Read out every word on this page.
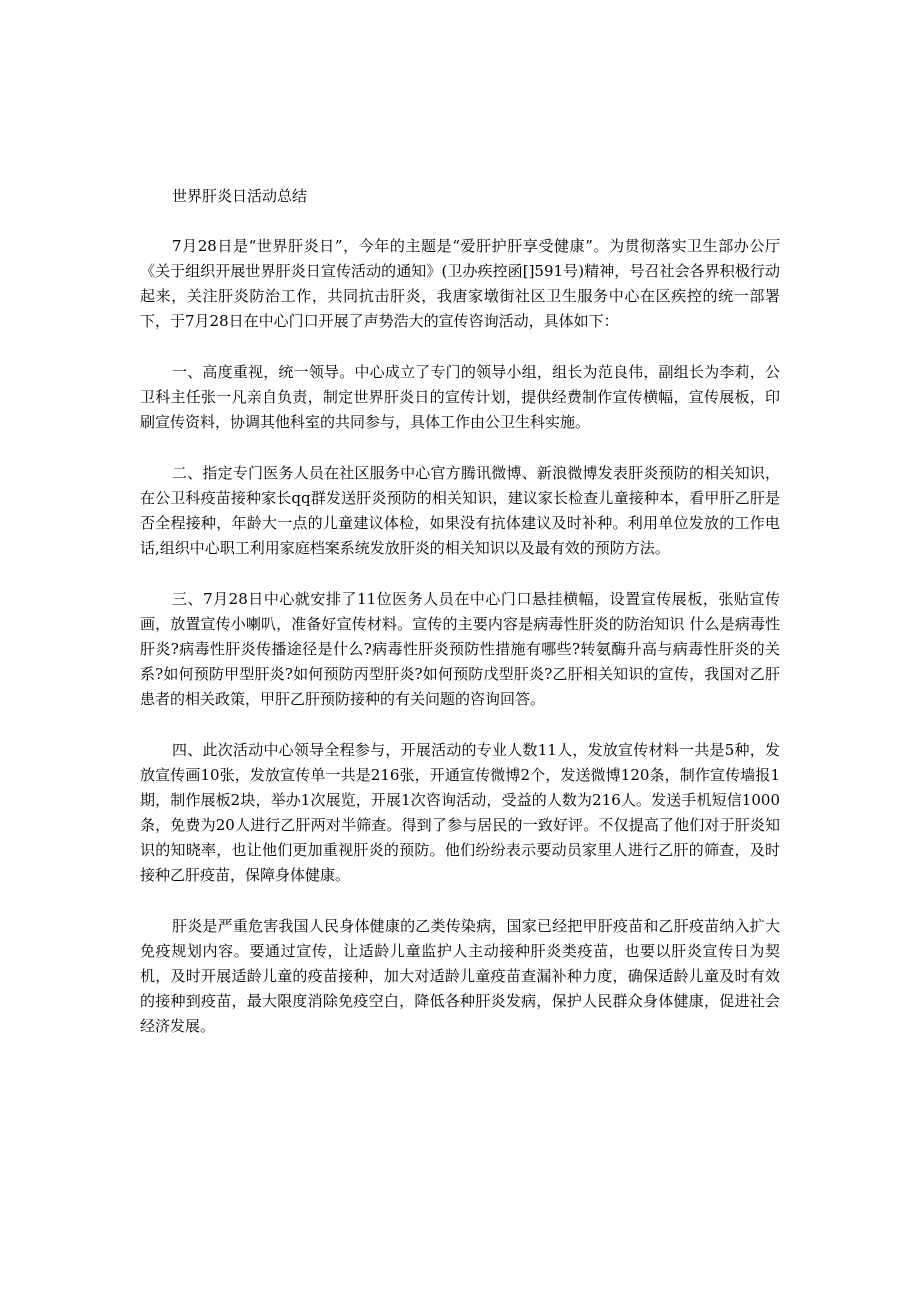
世界肝炎日活动总结

7月28日是“世界肝炎日”，今年的主题是“爱肝护肝享受健康”。为贯彻落实卫生部办公厅《关于组织开展世界肝炎日宣传活动的通知》(卫办疾控函[]591号)精神，号召社会各界积极行动起来，关注肝炎防治工作，共同抗击肝炎，我唐家墩街社区卫生服务中心在区疾控的统一部署下，于7月28日在中心门口开展了声势浩大的宣传咨询活动，具体如下：

一、高度重视，统一领导。中心成立了专门的领导小组，组长为范良伟，副组长为李莉，公卫科主任张一凡亲自负责，制定世界肝炎日的宣传计划，提供经费制作宣传横幅，宣传展板，印刷宣传资料，协调其他科室的共同参与，具体工作由公卫生科实施。

二、指定专门医务人员在社区服务中心官方腾讯微博、新浪微博发表肝炎预防的相关知识，在公卫科疫苗接种家长qq群发送肝炎预防的相关知识，建议家长检查儿童接种本，看甲肝乙肝是否全程接种，年龄大一点的儿童建议体检，如果没有抗体建议及时补种。利用单位发放的工作电话,组织中心职工利用家庭档案系统发放肝炎的相关知识以及最有效的预防方法。

三、7月28日中心就安排了11位医务人员在中心门口悬挂横幅，设置宣传展板，张贴宣传画，放置宣传小喇叭，准备好宣传材料。宣传的主要内容是病毒性肝炎的防治知识 什么是病毒性肝炎?病毒性肝炎传播途径是什么?病毒性肝炎预防性措施有哪些?转氨酶升高与病毒性肝炎的关系?如何预防甲型肝炎?如何预防丙型肝炎?如何预防戊型肝炎?乙肝相关知识的宣传，我国对乙肝患者的相关政策，甲肝乙肝预防接种的有关问题的咨询回答。

四、此次活动中心领导全程参与，开展活动的专业人数11人，发放宣传材料一共是5种，发放宣传画10张，发放宣传单一共是216张，开通宣传微博2个，发送微博120条，制作宣传墙报1期，制作展板2块，举办1次展览，开展1次咨询活动，受益的人数为216人。发送手机短信1000条，免费为20人进行乙肝两对半筛查。得到了参与居民的一致好评。不仅提高了他们对于肝炎知识的知晓率，也让他们更加重视肝炎的预防。他们纷纷表示要动员家里人进行乙肝的筛查，及时接种乙肝疫苗，保障身体健康。

肝炎是严重危害我国人民身体健康的乙类传染病，国家已经把甲肝疫苗和乙肝疫苗纳入扩大免疫规划内容。要通过宣传，让适龄儿童监护人主动接种肝炎类疫苗，也要以肝炎宣传日为契机，及时开展适龄儿童的疫苗接种，加大对适龄儿童疫苗查漏补种力度，确保适龄儿童及时有效的接种到疫苗，最大限度消除免疫空白，降低各种肝炎发病，保护人民群众身体健康，促进社会经济发展。
